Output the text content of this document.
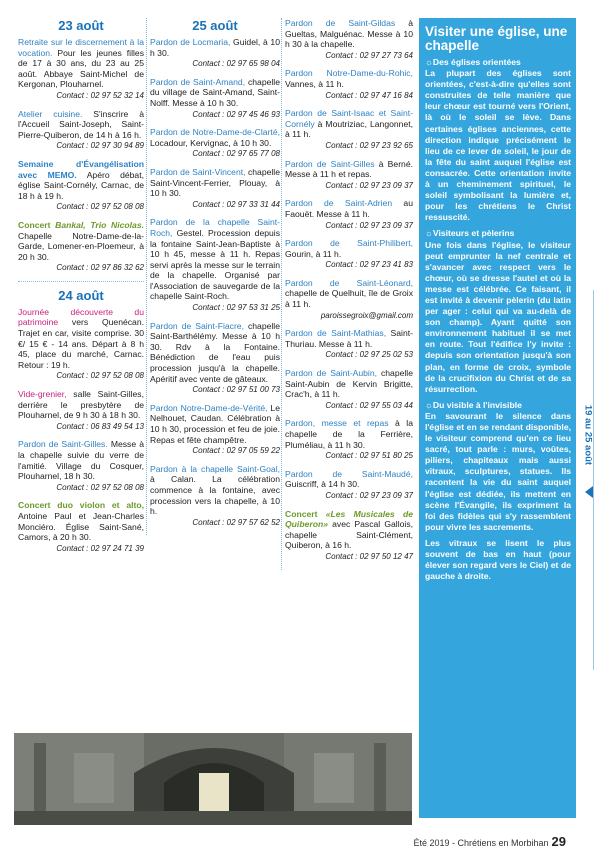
23 août
Retraite sur le discernement à la vocation. Pour les jeunes filles de 17 à 30 ans, du 23 au 25 août. Abbaye Saint-Michel de Kergonan, Plouharnel.
Contact : 02 97 52 32 14
Atelier cuisine. S'inscrire à l'Accueil Saint-Joseph, Saint-Pierre-Quiberon, de 14 h à 16 h.
Contact : 02 97 30 94 89
Semaine d'Évangélisation avec MEMO. Apéro débat, église Saint-Cornély, Carnac, de 18 h à 19 h.
Contact : 02 97 52 08 08
Concert Bankal, Trio Nicolas. Chapelle Notre-Dame-de-la-Garde, Lomener-en-Ploemeur, à 20 h 30.
Contact : 02 97 86 32 62
24 août
Journée découverte du patrimoine vers Quenécan. Trajet en car, visite comprise. 30 €/ 15 € - 14 ans. Départ à 8 h 45, place du marché, Carnac. Retour : 19 h.
Contact : 02 97 52 08 08
Vide-grenier, salle Saint-Gilles, derrière le presbytère de Plouharnel, de 9 h 30 à 18 h 30.
Contact : 06 83 49 54 13
Pardon de Saint-Gilles. Messe à la chapelle suivie du verre de l'amitié. Village du Cosquer, Plouharnel, 18 h 30.
Contact : 02 97 52 08 08
Concert duo violon et alto, Antoine Paul et Jean-Charles Monciéro. Église Saint-Sané, Camors, à 20 h 30.
Contact : 02 97 24 71 39
25 août
Pardon de Locmaria, Guidel, à 10 h 30.
Contact : 02 97 65 98 04
Pardon de Saint-Amand, chapelle du village de Saint-Amand, Saint-Nolff. Messe à 10 h 30.
Contact : 02 97 45 46 93
Pardon de Notre-Dame-de-Clarté, Locadour, Kervignac, à 10 h 30.
Contact : 02 97 65 77 08
Pardon de Saint-Vincent, chapelle Saint-Vincent-Ferrier, Plouay, à 10 h 30.
Contact : 02 97 33 31 44
Pardon de la chapelle Saint-Roch, Gestel. Procession depuis la fontaine Saint-Jean-Baptiste à 10 h 45, messe à 11 h. Repas servi après la messe sur le terrain de la chapelle. Organisé par l'Association de sauvegarde de la chapelle Saint-Roch.
Contact : 02 97 53 31 25
Pardon de Saint-Fiacre, chapelle Saint-Barthélémy. Messe à 10 h 30. Rdv à la Fontaine. Bénédiction de l'eau puis procession jusqu'à la chapelle. Apéritif avec vente de gâteaux.
Contact : 02 97 51 00 73
Pardon Notre-Dame-de-Vérité, Le Nelhouet, Caudan. Célébration à 10 h 30, procession et feu de joie. Repas et fête champêtre.
Contact : 02 97 05 59 22
Pardon à la chapelle Saint-Goal, à Calan. La célébration commence à la fontaine, avec procession vers la chapelle, à 10 h.
Contact : 02 97 57 62 52
Pardon de Saint-Gildas à Gueltas, Malguénac. Messe à 10 h 30 à la chapelle.
Contact : 02 97 27 73 64
Pardon Notre-Dame-du-Rohic, Vannes, à 11 h.
Contact : 02 97 47 16 84
Pardon de Saint-Isaac et Saint-Cornély à Moutriziac, Langonnet, à 11 h.
Contact : 02 97 23 92 65
Pardon de Saint-Gilles à Berné. Messe à 11 h et repas.
Contact : 02 97 23 09 37
Pardon de Saint-Adrien au Faouët. Messe à 11 h.
Contact : 02 97 23 09 37
Pardon de Saint-Philibert, Gourin, à 11 h.
Contact : 02 97 23 41 83
Pardon de Saint-Léonard, chapelle de Quelhuit, île de Groix à 11 h.
paroissegroix@gmail.com
Pardon de Saint-Mathias, Saint-Thuriau. Messe à 11 h.
Contact : 02 97 25 02 53
Pardon de Saint-Aubin, chapelle Saint-Aubin de Kervin Brigitte, Crac'h, à 11 h.
Contact : 02 97 55 03 44
Pardon, messe et repas à la chapelle de la Ferrière, Pluméliau, à 11 h 30.
Contact : 02 97 51 80 25
Pardon de Saint-Maudé, Guiscriff, à 14 h 30.
Contact : 02 97 23 09 37
Concert «Les Musicales de Quiberon» avec Pascal Gallois, chapelle Saint-Clément, Quiberon, à 16 h.
Contact : 02 97 50 12 47
Visiter une église, une chapelle

☼Des églises orientées
La plupart des églises sont orientées, c'est-à-dire qu'elles sont construites de telle manière que leur chœur est tourné vers l'Orient, là où le soleil se lève. Dans certaines églises anciennes, cette direction indique précisément le lieu de ce lever de soleil, le jour de la fête du saint auquel l'église est consacrée. Cette orientation invite à un cheminement spirituel, le soleil symbolisant la lumière et, pour les chrétiens le Christ ressuscité.

☼Visiteurs et pèlerins
Une fois dans l'église, le visiteur peut emprunter la nef centrale et s'avancer avec respect vers le chœur, où se dresse l'autel et où la messe est célébrée. Ce faisant, il est invité à devenir pèlerin (du latin per ager : celui qui va au-delà de son champ). Ayant quitté son environnement habituel il se met en route. Tout l'édifice l'y invite : depuis son orientation jusqu'à son plan, en forme de croix, symbole de la crucifixion du Christ et de sa résurrection.

☼Du visible à l'invisible
En savourant le silence dans l'église et en se rendant disponible, le visiteur comprend qu'en ce lieu sacré, tout parle : murs, voûtes, piliers, chapiteaux mais aussi vitraux, sculptures, statues. Ils racontent la vie du saint auquel l'église est dédiée, ils mettent en scène l'Évangile, ils expriment la foi des fidèles qui s'y rassemblent pour vivre les sacrements.

Les vitraux se lisent le plus souvent de bas en haut (pour élever son regard vers le Ciel) et de gauche à droite.

19 au 25 août
Été 2019 - Chrétiens en Morbihan 29
